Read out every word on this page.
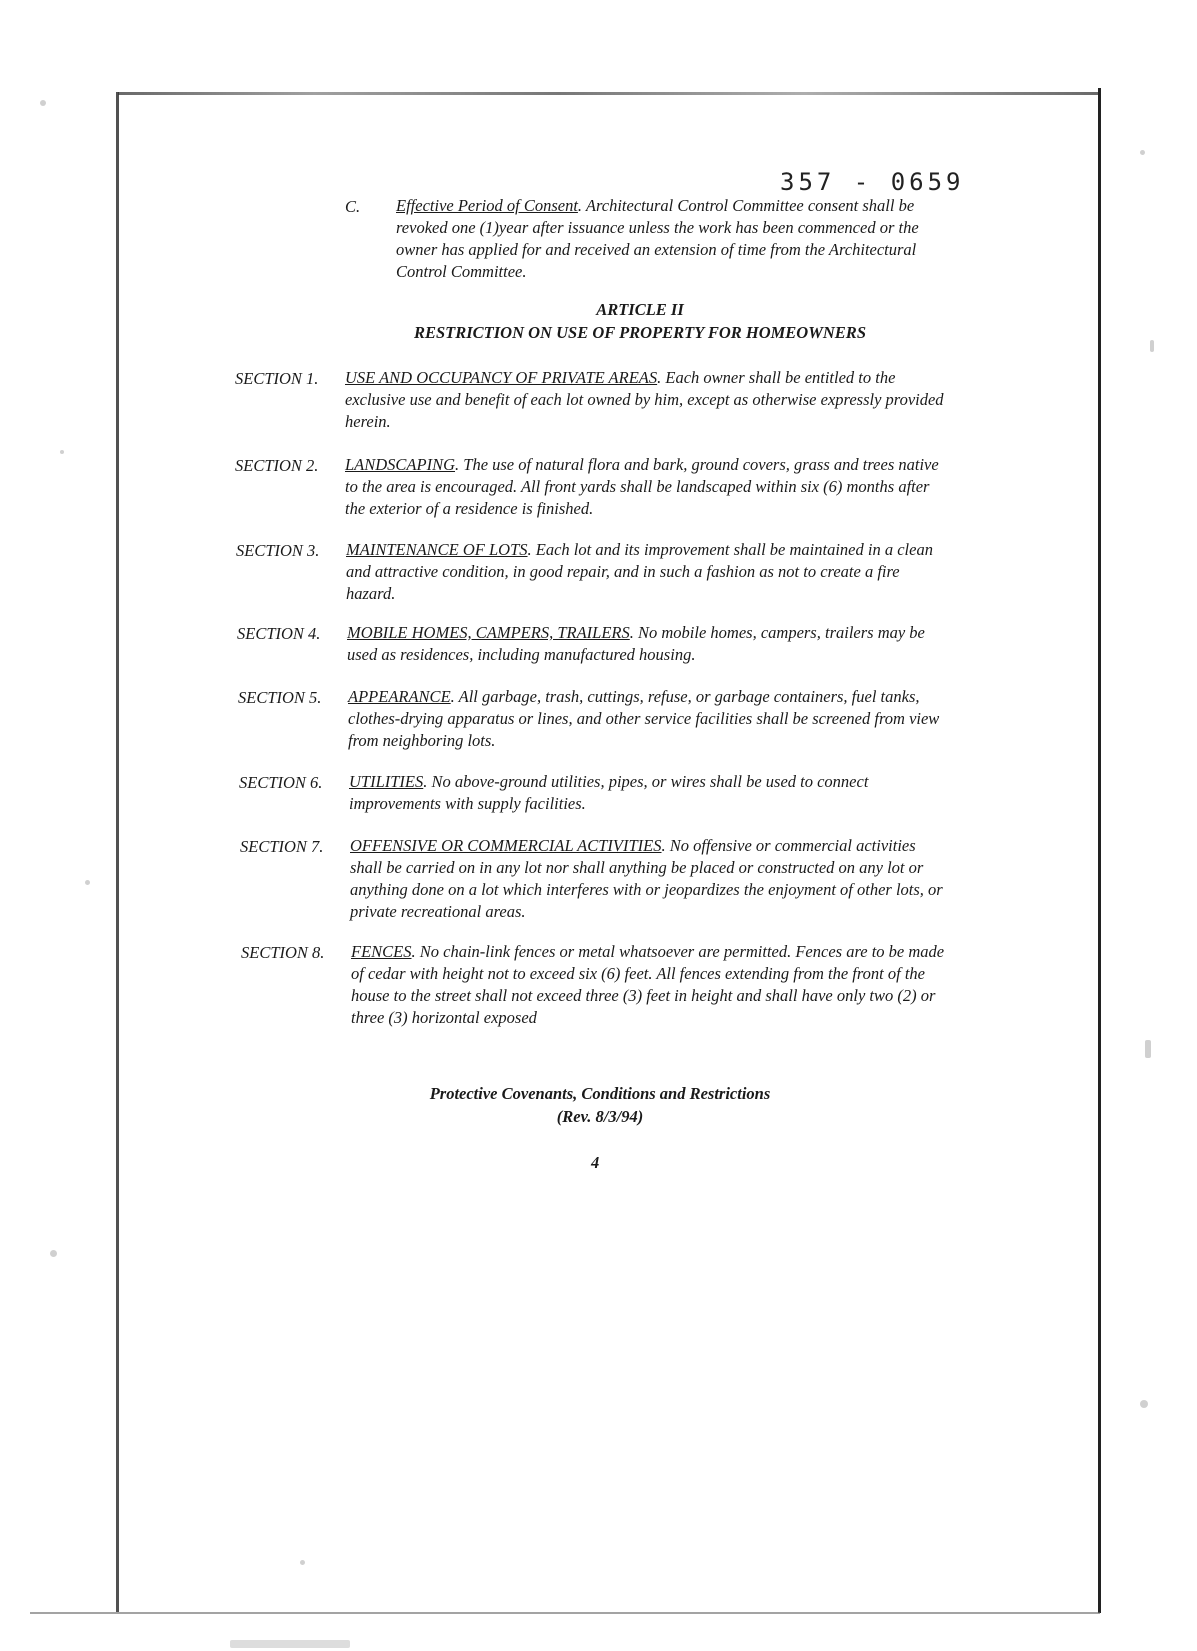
357 - 0659
C. Effective Period of Consent. Architectural Control Committee consent shall be revoked one (1)year after issuance unless the work has been commenced or the owner has applied for and received an extension of time from the Architectural Control Committee.
ARTICLE II
RESTRICTION ON USE OF PROPERTY FOR HOMEOWNERS
SECTION 1. USE AND OCCUPANCY OF PRIVATE AREAS. Each owner shall be entitled to the exclusive use and benefit of each lot owned by him, except as otherwise expressly provided herein.
SECTION 2. LANDSCAPING. The use of natural flora and bark, ground covers, grass and trees native to the area is encouraged. All front yards shall be landscaped within six (6) months after the exterior of a residence is finished.
SECTION 3. MAINTENANCE OF LOTS. Each lot and its improvement shall be maintained in a clean and attractive condition, in good repair, and in such a fashion as not to create a fire hazard.
SECTION 4. MOBILE HOMES, CAMPERS, TRAILERS. No mobile homes, campers, trailers may be used as residences, including manufactured housing.
SECTION 5. APPEARANCE. All garbage, trash, cuttings, refuse, or garbage containers, fuel tanks, clothes-drying apparatus or lines, and other service facilities shall be screened from view from neighboring lots.
SECTION 6. UTILITIES. No above-ground utilities, pipes, or wires shall be used to connect improvements with supply facilities.
SECTION 7. OFFENSIVE OR COMMERCIAL ACTIVITIES. No offensive or commercial activities shall be carried on in any lot nor shall anything be placed or constructed on any lot or anything done on a lot which interferes with or jeopardizes the enjoyment of other lots, or private recreational areas.
SECTION 8. FENCES. No chain-link fences or metal whatsoever are permitted. Fences are to be made of cedar with height not to exceed six (6) feet. All fences extending from the front of the house to the street shall not exceed three (3) feet in height and shall have only two (2) or three (3) horizontal exposed
Protective Covenants, Conditions and Restrictions
(Rev. 8/3/94)
4
